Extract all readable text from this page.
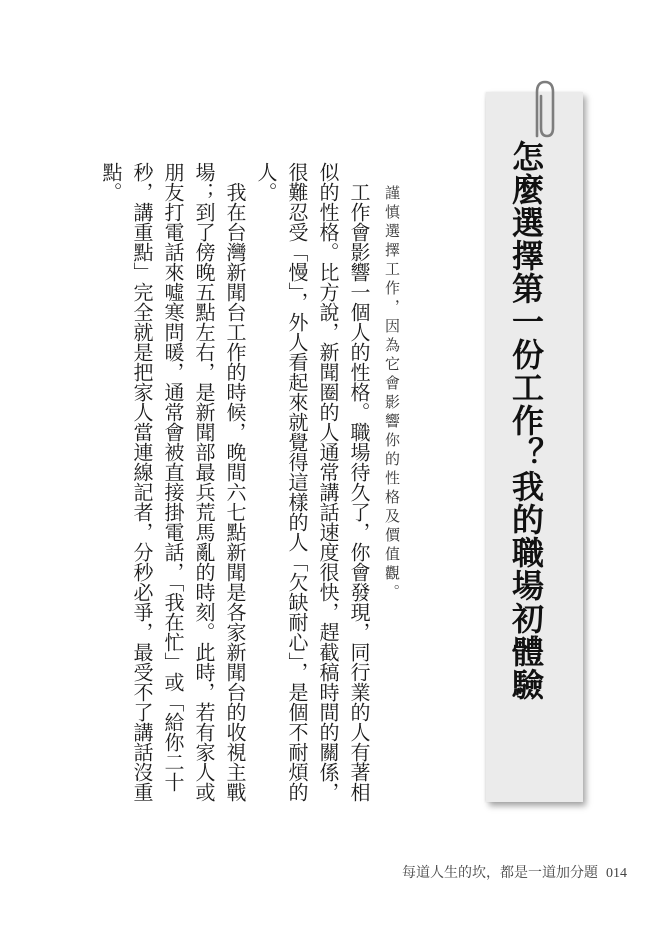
怎麼選擇第一份工作？我的職場初體驗
謹慎選擇工作，因為它會影響你的性格及價值觀。

工作會影響一個人的性格。職場待久了，你會發現，同行業的人有著相似的性格。比方說，新聞圈的人通常講話速度很快，趕截稿時間的關係，很難忍受「慢」，外人看起來就覺得這樣的人「欠缺耐心」，是個不耐煩的人。

我在台灣新聞台工作的時候，晚間六七點新聞是各家新聞台的收視主戰場；到了傍晚五點左右，是新聞部最兵荒馬亂的時刻。此時，若有家人或朋友打電話來噓寒問暖，通常會被直接掛電話，「我在忙」或「給你二十秒，講重點」完全就是把家人當連線記者，分秒必爭，最受不了講話沒重點。

每道人生的坎，都是一道加分題 014
